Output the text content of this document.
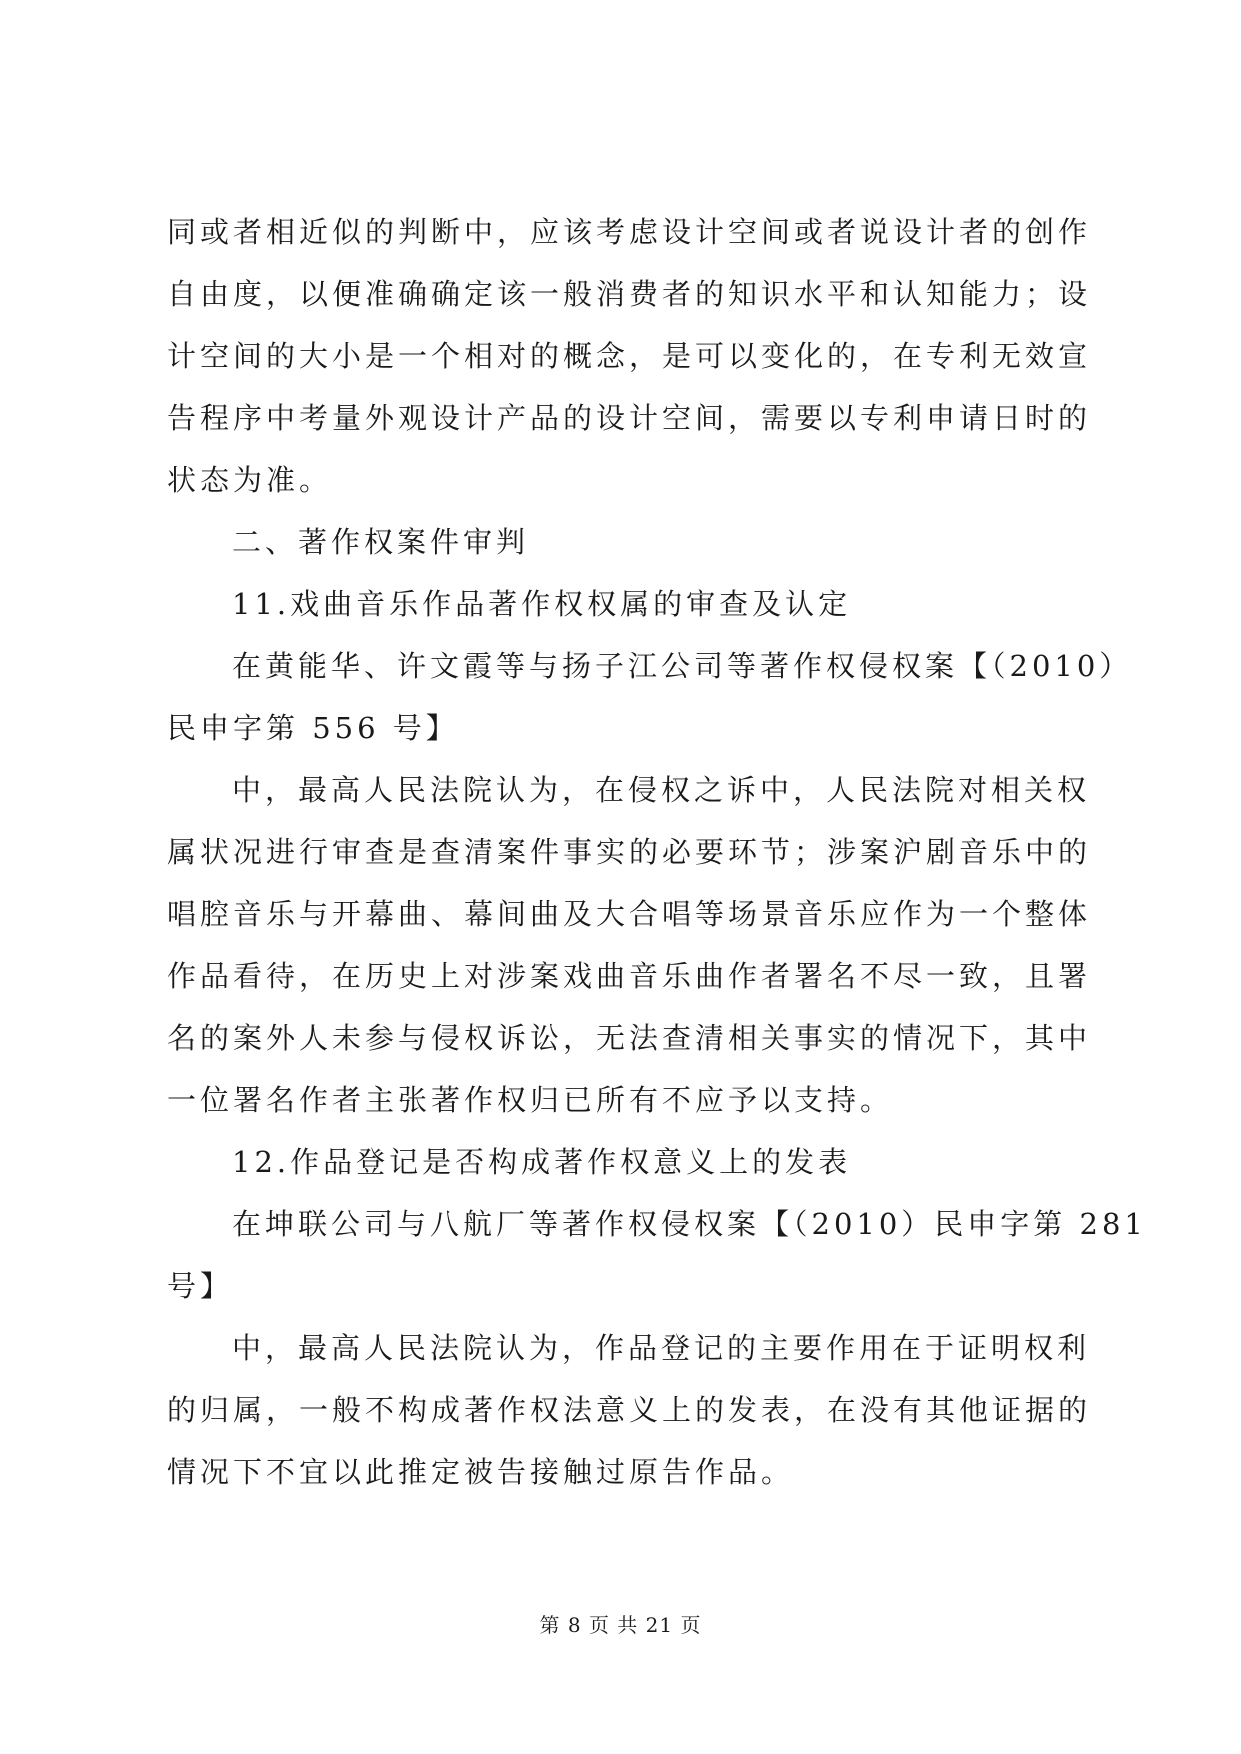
同或者相近似的判断中，应该考虑设计空间或者说设计者的创作
自由度，以便准确确定该一般消费者的知识水平和认知能力；设
计空间的大小是一个相对的概念，是可以变化的，在专利无效宣
告程序中考量外观设计产品的设计空间，需要以专利申请日时的
状态为准。
二、著作权案件审判
11.戏曲音乐作品著作权权属的审查及认定
在黄能华、许文霞等与扬子江公司等著作权侵权案【（2010）
民申字第 556 号】
中，最高人民法院认为，在侵权之诉中，人民法院对相关权
属状况进行审查是查清案件事实的必要环节；涉案沪剧音乐中的
唱腔音乐与开幕曲、幕间曲及大合唱等场景音乐应作为一个整体
作品看待，在历史上对涉案戏曲音乐曲作者署名不尽一致，且署
名的案外人未参与侵权诉讼，无法查清相关事实的情况下，其中
一位署名作者主张著作权归已所有不应予以支持。
12.作品登记是否构成著作权意义上的发表
在坤联公司与八航厂等著作权侵权案【（2010）民申字第 281
号】
中，最高人民法院认为，作品登记的主要作用在于证明权利
的归属，一般不构成著作权法意义上的发表，在没有其他证据的
情况下不宜以此推定被告接触过原告作品。
第 8 页 共 21 页
